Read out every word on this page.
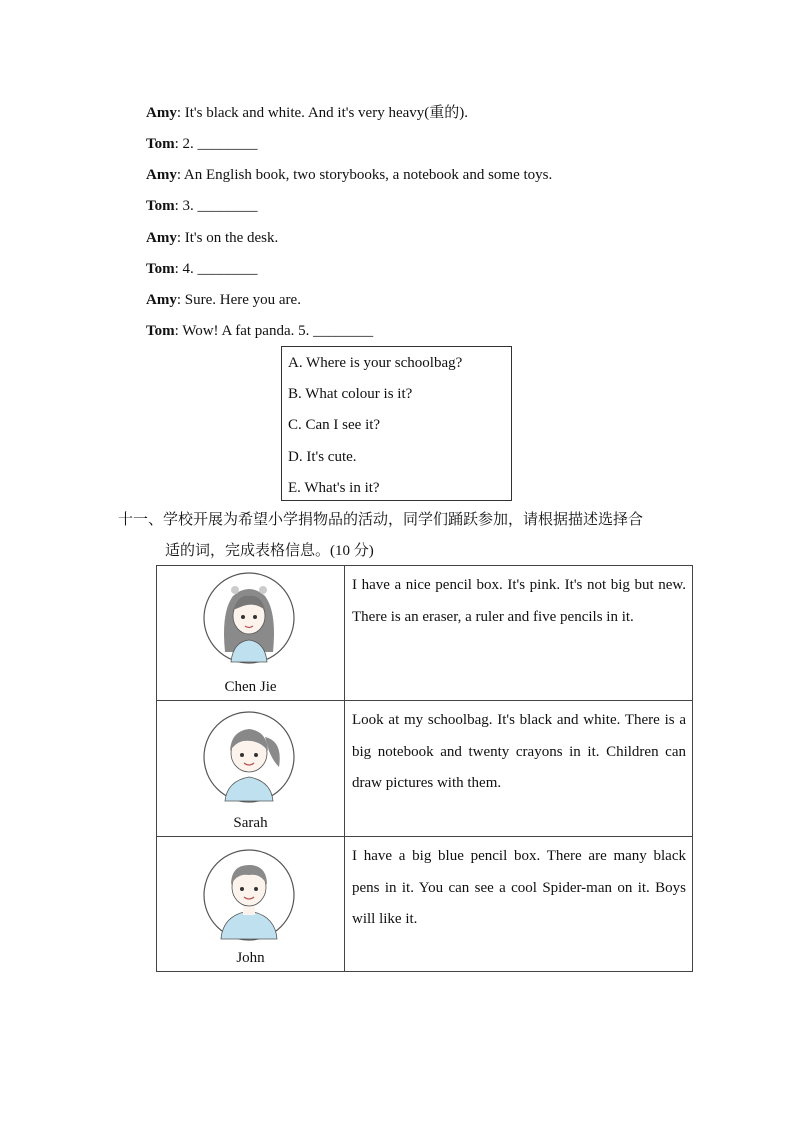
Amy: It's black and white. And it's very heavy(重的).
Tom: 2. ________
Amy: An English book, two storybooks, a notebook and some toys.
Tom: 3. ________
Amy: It's on the desk.
Tom: 4. ________
Amy: Sure. Here you are.
Tom: Wow! A fat panda. 5. ________
A. Where is your schoolbag?
B. What colour is it?
C. Can I see it?
D. It's cute.
E. What's in it?
十一、学校开展为希望小学捐物品的活动，同学们踊跃参加，请根据描述选择合
适的词，完成表格信息。(10 分)
Chen Jie	I have a nice pencil box. It's pink. It's not big but new. There is an eraser, a ruler and five pencils in it.

Sarah	Look at my schoolbag. It's black and white. There is a big notebook and twenty crayons in it. Children can draw pictures with them.

John	I have a big blue pencil box. There are many black pens in it. You can see a cool Spider-man on it. Boys will like it.
